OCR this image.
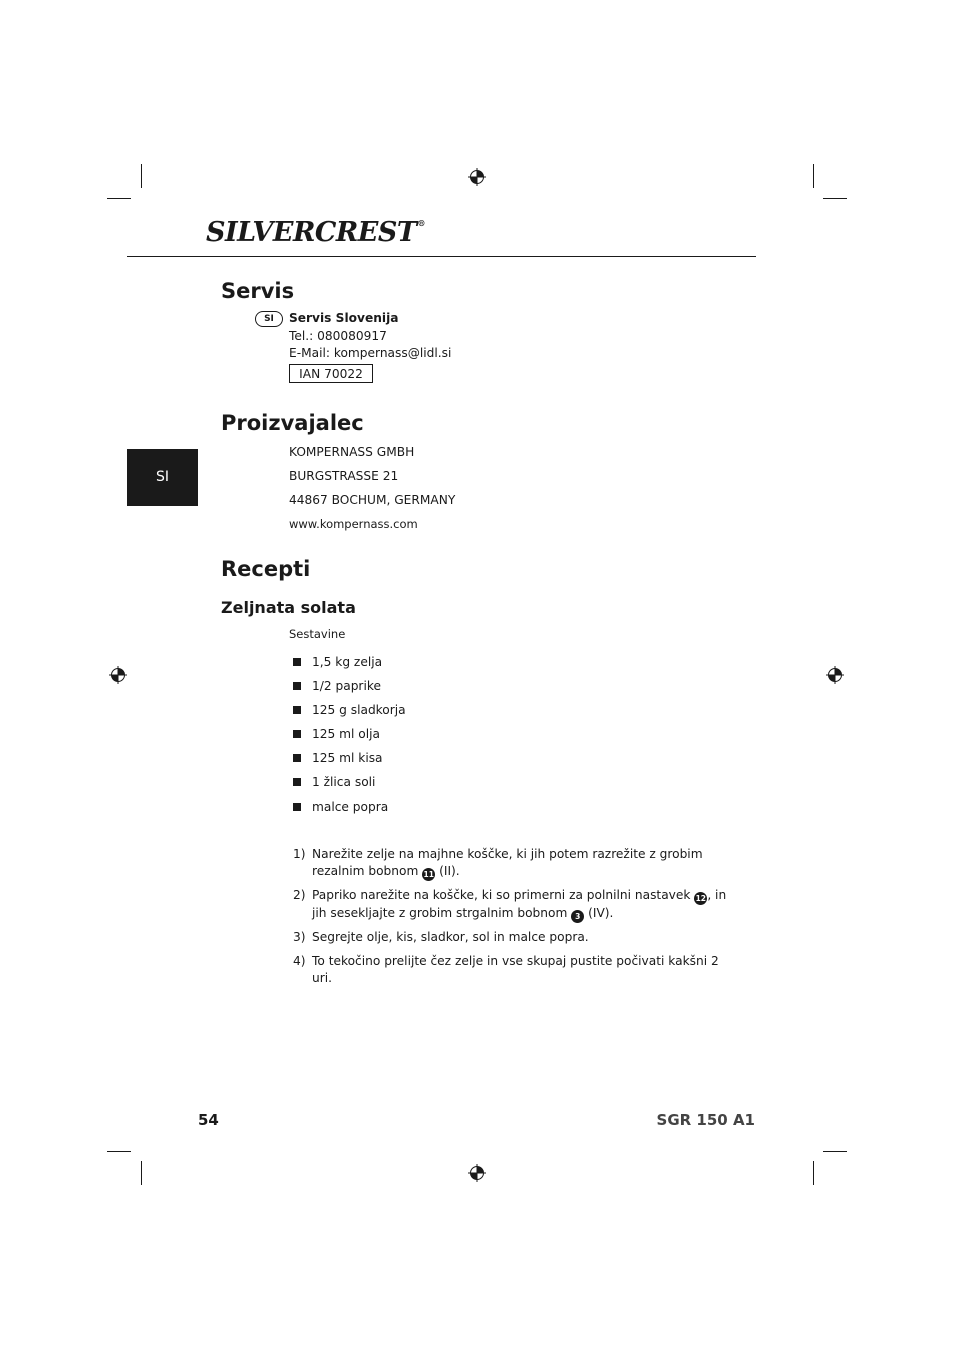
SILVERCREST®
Servis
SI	Servis Slovenija
Tel.: 080080917
E-Mail: kompernass@lidl.si
IAN 70022
Proizvajalec
KOMPERNASS GMBH
BURGSTRASSE 21
44867 BOCHUM, GERMANY
www.kompernass.com
SI
Recepti
Zeljnata solata
Sestavine
1,5 kg zelja
1/2 paprike
125 g sladkorja
125 ml olja
125 ml kisa
1 žlica soli
malce popra
1) Narežite zelje na majhne koščke, ki jih potem razrežite z grobim rezalnim bobnom 11 (II).
2) Papriko narežite na koščke, ki so primerni za polnilni nastavek 12, in jih sesekljajte z grobim strgalnim bobnom 3 (IV).
3) Segrejte olje, kis, sladkor, sol in malce popra.
4) To tekočino prelijte čez zelje in vse skupaj pustite počivati kakšni 2 uri.
54	SGR 150 A1
